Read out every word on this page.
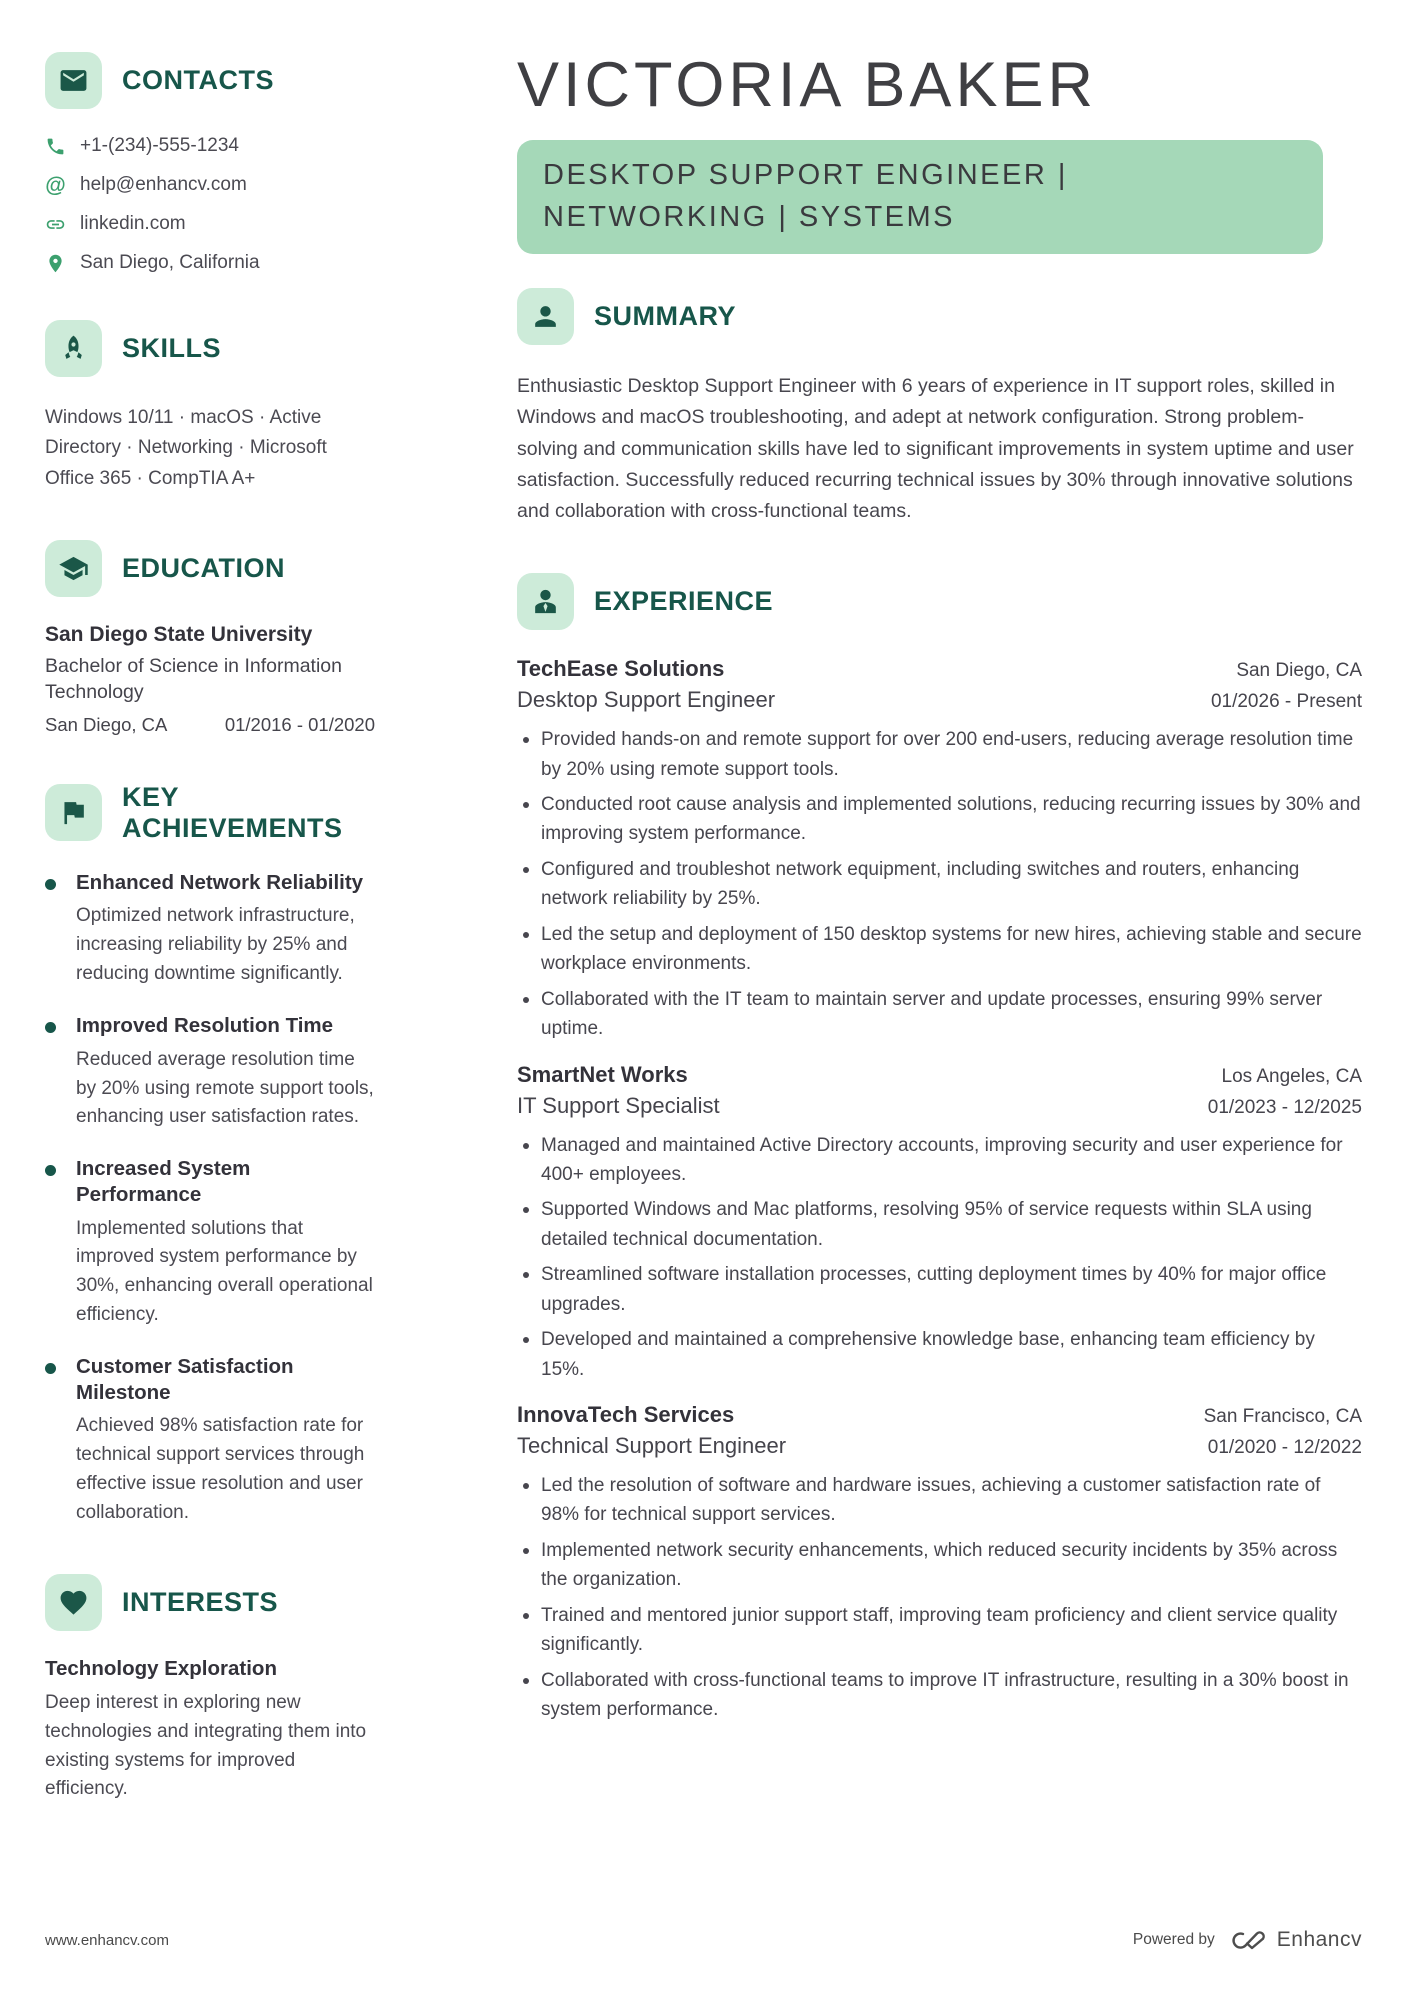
CONTACTS
+1-(234)-555-1234
@ help@enhancv.com
linkedin.com
San Diego, California
SKILLS

Windows 10/11 · macOS · Active Directory · Networking · Microsoft Office 365 · CompTIA A+

EDUCATION
San Diego State University
Bachelor of Science in Information Technology
San Diego, CA	01/2016 - 01/2020
KEY ACHIEVEMENTS
Enhanced Network Reliability
Optimized network infrastructure, increasing reliability by 25% and reducing downtime significantly.
Improved Resolution Time
Reduced average resolution time by 20% using remote support tools, enhancing user satisfaction rates.
Increased System Performance
Implemented solutions that improved system performance by 30%, enhancing overall operational efficiency.
Customer Satisfaction Milestone
Achieved 98% satisfaction rate for technical support services through effective issue resolution and user collaboration.
INTERESTS
Technology Exploration
Deep interest in exploring new technologies and integrating them into existing systems for improved efficiency.
VICTORIA BAKER
DESKTOP SUPPORT ENGINEER | NETWORKING | SYSTEMS
SUMMARY

Enthusiastic Desktop Support Engineer with 6 years of experience in IT support roles, skilled in Windows and macOS troubleshooting, and adept at network configuration. Strong problem-solving and communication skills have led to significant improvements in system uptime and user satisfaction. Successfully reduced recurring technical issues by 30% through innovative solutions and collaboration with cross-functional teams.

EXPERIENCE
TechEase Solutions	San Diego, CA
Desktop Support Engineer	01/2026 - Present
Provided hands-on and remote support for over 200 end-users, reducing average resolution time by 20% using remote support tools.
Conducted root cause analysis and implemented solutions, reducing recurring issues by 30% and improving system performance.
Configured and troubleshot network equipment, including switches and routers, enhancing network reliability by 25%.
Led the setup and deployment of 150 desktop systems for new hires, achieving stable and secure workplace environments.
Collaborated with the IT team to maintain server and update processes, ensuring 99% server uptime.
SmartNet Works	Los Angeles, CA
IT Support Specialist	01/2023 - 12/2025
Managed and maintained Active Directory accounts, improving security and user experience for 400+ employees.
Supported Windows and Mac platforms, resolving 95% of service requests within SLA using detailed technical documentation.
Streamlined software installation processes, cutting deployment times by 40% for major office upgrades.
Developed and maintained a comprehensive knowledge base, enhancing team efficiency by 15%.
InnovaTech Services	San Francisco, CA
Technical Support Engineer	01/2020 - 12/2022
Led the resolution of software and hardware issues, achieving a customer satisfaction rate of 98% for technical support services.
Implemented network security enhancements, which reduced security incidents by 35% across the organization.
Trained and mentored junior support staff, improving team proficiency and client service quality significantly.
Collaborated with cross-functional teams to improve IT infrastructure, resulting in a 30% boost in system performance.
www.enhancv.com	Powered by	Enhancv
